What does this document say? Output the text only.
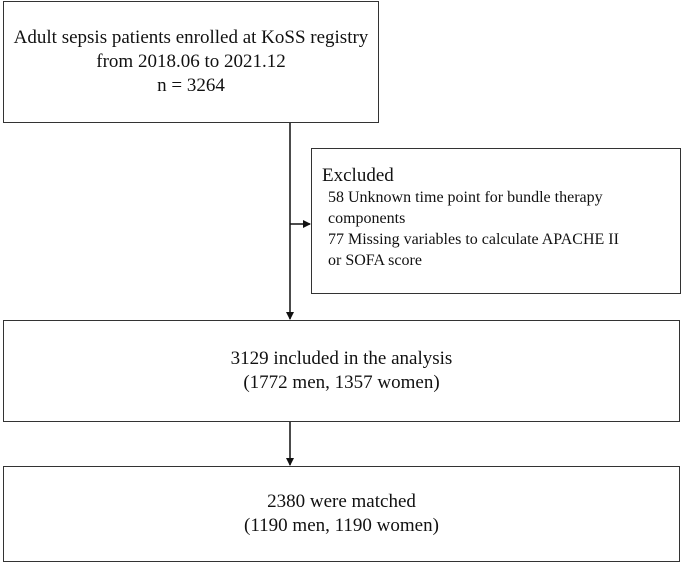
Adult sepsis patients enrolled at KoSS registry
from 2018.06 to 2021.12
n = 3264
Excluded
58 Unknown time point for bundle therapy
components
77 Missing variables to calculate APACHE II
or SOFA score
3129 included in the analysis
(1772 men, 1357 women)
2380 were matched
(1190 men, 1190 women)
